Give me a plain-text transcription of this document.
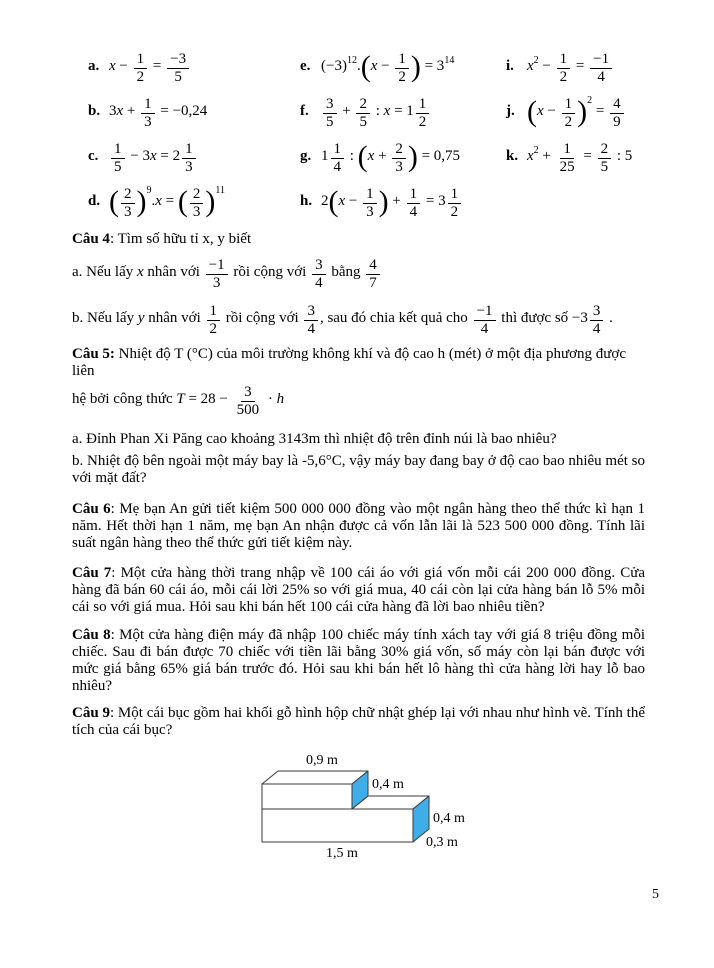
a. $x - \frac{1}{2} = \frac{-3}{5}$
b. 3 $x + \frac{1}{3} = -0,24$
c. $\frac{1}{5} - 3$ $x = 2 \frac{1}{3}$
d. ( $\frac{2}{3}$ ) 9
. x = ( $\frac{2}{3}$ ) 11
e. (−3) 12 . ( $x - \frac{1}{2}$ ) = 3 14
f. $\frac{3}{5} + \frac{2}{5}$ : $x = 1 \frac{1}{2}$
g. $1 \frac{1}{4}$ : ( $x + \frac{2}{3}$ ) = 0,75
h. 2 ( $x - \frac{1}{3}$ ) + $\frac{1}{4} = 3 \frac{1}{2}$
i. x $2 - \frac{1}{2} = \frac{-1}{4}$
j. ( $x - \frac{1}{2}$ ) 2
= $\frac{4}{9}$
k. x $2 + \frac{1}{25} = \frac{2}{5}$ : 5

Câu 4: Tìm số hữu tỉ x, y biết

a. Nếu lấy x nhân với $\frac{-1}{3}$ rồi cộng với $\frac{3}{4}$ bằng $\frac{4}{7}$
b. Nếu lấy y nhân với $\frac{1}{2}$ rồi cộng với $\frac{3}{4}$ , sau đó chia kết quả cho $\frac{-1}{4}$ thì được số $-3 \frac{3}{4}$ .

Câu 5: Nhiệt độ T (°C) của môi trường không khí và độ cao h (mét) ở một địa phương được liên

hệ bởi công thức $T = 28 - \frac{3}{500} \cdot h$

a. Đỉnh Phan Xi Păng cao khoảng 3143m thì nhiệt độ trên đỉnh núi là bao nhiêu?

b. Nhiệt độ bên ngoài một máy bay là -5,6°C, vậy máy bay đang bay ở độ cao bao nhiêu mét so với mặt đất?

Câu 6: Mẹ bạn An gửi tiết kiệm 500 000 000 đồng vào một ngân hàng theo thể thức kì hạn 1 năm. Hết thời hạn 1 năm, mẹ bạn An nhận được cả vốn lẫn lãi là 523 500 000 đồng. Tính lãi suất ngân hàng theo thể thức gửi tiết kiệm này.

Câu 7: Một cửa hàng thời trang nhập về 100 cái áo với giá vốn mỗi cái 200 000 đồng. Cửa hàng đã bán 60 cái áo, mỗi cái lời 25% so với giá mua, 40 cái còn lại cửa hàng bán lỗ 5% mỗi cái so với giá mua. Hỏi sau khi bán hết 100 cái cửa hàng đã lời bao nhiêu tiền?

Câu 8: Một cửa hàng điện máy đã nhập 100 chiếc máy tính xách tay với giá 8 triệu đồng mỗi chiếc. Sau đi bán được 70 chiếc với tiền lãi bằng 30% giá vốn, số máy còn lại bán được với mức giá bằng 65% giá bán trước đó. Hỏi sau khi bán hết lô hàng thì cửa hàng lời hay lỗ bao nhiêu?

Câu 9: Một cái bục gồm hai khối gỗ hình hộp chữ nhật ghép lại với nhau như hình vẽ. Tính thể tích của cái bục?

0,9 m
0,4 m
0,4 m
0,3 m
1,5 m
5
